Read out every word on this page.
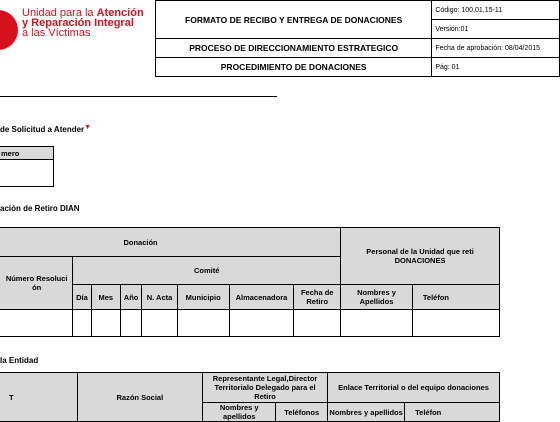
Unidad para la Atención
y Reparación Integral
a las Víctimas
FORMATO DE RECIBO Y ENTREGA DE DONACIONES	Código: 100,01,15-11
	Versión:01
PROCESO DE DIRECCIONAMIENTO ESTRATEGICO	Fecha de aprobación: 08/04/2015
PROCEDIMIENTO DE DONACIONES	Pág: 01
de Solicitud a Atender▼
mero

ación de Retiro DIAN
Donación								Personal de la Unidad que reti DONACIONES	
Número Resoluci ón	Comité								
	Día	Mes	Año	N. Acta	Municipio	Almacenadora	Fecha de Retiro	Nombres y Apellidos	Teléfon

la Entidad
T	Razón Social	Representante Legal,Director Territorialo Delegado para el Retiro		Enlace Territorial o del equipo donaciones	
		Nombres y apellidos	Teléfonos	Nombres y apellidos	Teléfon
